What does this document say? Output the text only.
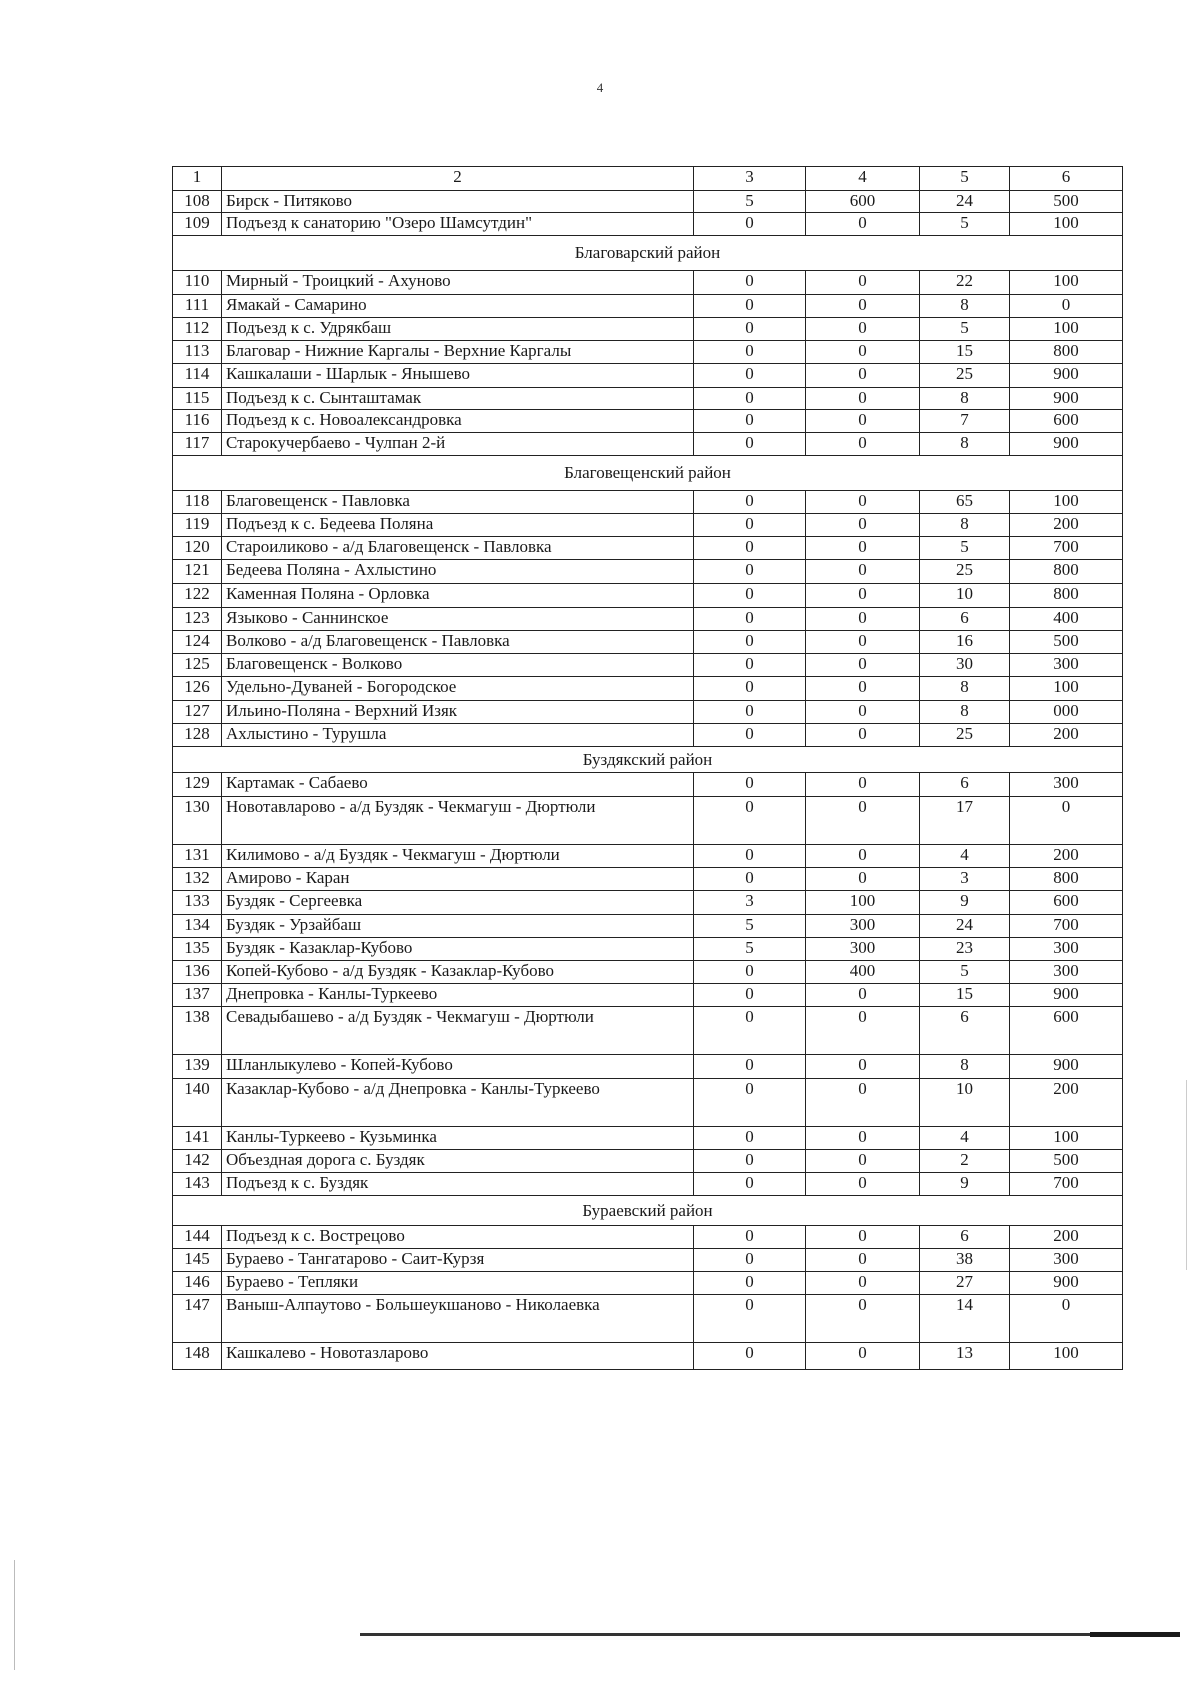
4
1	2	3	4	5	6
108	Бирск - Питяково	5	600	24	500
109	Подъезд к санаторию "Озеро Шамсутдин"	0	0	5	100
Благоварский район					
110	Мирный - Троицкий - Ахуново	0	0	22	100
111	Ямакай - Самарино	0	0	8	0
112	Подъезд к с. Удрякбаш	0	0	5	100
113	Благовар - Нижние Каргалы - Верхние Каргалы	0	0	15	800
114	Кашкалаши - Шарлык - Янышево	0	0	25	900
115	Подъезд к с. Сынташтамак	0	0	8	900
116	Подъезд к с. Новоалександровка	0	0	7	600
117	Старокучербаево - Чулпан 2-й	0	0	8	900
Благовещенский район					
118	Благовещенск - Павловка	0	0	65	100
119	Подъезд к с. Бедеева Поляна	0	0	8	200
120	Староиликово - а/д Благовещенск - Павловка	0	0	5	700
121	Бедеева Поляна - Ахлыстино	0	0	25	800
122	Каменная Поляна - Орловка	0	0	10	800
123	Языково - Саннинское	0	0	6	400
124	Волково - а/д Благовещенск - Павловка	0	0	16	500
125	Благовещенск - Волково	0	0	30	300
126	Удельно-Дуваней - Богородское	0	0	8	100
127	Ильино-Поляна - Верхний Изяк	0	0	8	000
128	Ахлыстино - Турушла	0	0	25	200
Буздякский район					
129	Картамак - Сабаево	0	0	6	300
130	Новотавларово - а/д Буздяк - Чекмагуш - Дюртюли	0	0	17	0
131	Килимово - а/д Буздяк - Чекмагуш - Дюртюли	0	0	4	200
132	Амирово - Каран	0	0	3	800
133	Буздяк - Сергеевка	3	100	9	600
134	Буздяк - Урзайбаш	5	300	24	700
135	Буздяк - Казаклар-Кубово	5	300	23	300
136	Копей-Кубово - а/д Буздяк - Казаклар-Кубово	0	400	5	300
137	Днепровка - Канлы-Туркеево	0	0	15	900
138	Севадыбашево - а/д Буздяк - Чекмагуш - Дюртюли	0	0	6	600
139	Шланлыкулево - Копей-Кубово	0	0	8	900
140	Казаклар-Кубово - а/д Днепровка - Канлы-Туркеево	0	0	10	200
141	Канлы-Туркеево - Кузьминка	0	0	4	100
142	Объездная дорога с. Буздяк	0	0	2	500
143	Подъезд к с. Буздяк	0	0	9	700
Бураевский район					
144	Подъезд к с. Вострецово	0	0	6	200
145	Бураево - Тангатарово - Саит-Курзя	0	0	38	300
146	Бураево - Тепляки	0	0	27	900
147	Ваныш-Алпаутово - Большеукшаново - Николаевка	0	0	14	0
148	Кашкалево - Новотазларово	0	0	13	100
